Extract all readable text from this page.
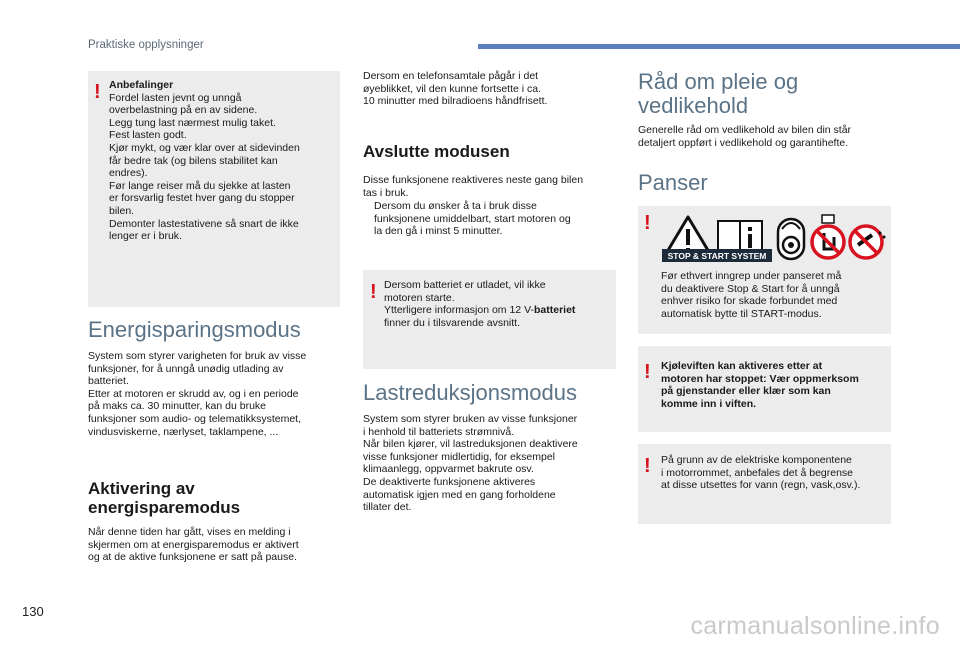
Praktiske opplysninger
! Anbefalinger
Fordel lasten jevnt og unngå
overbelastning på en av sidene.
Legg tung last nærmest mulig taket.
Fest lasten godt.
Kjør mykt, og vær klar over at sidevinden
får bedre tak (og bilens stabilitet kan
endres).
Før lange reiser må du sjekke at lasten
er forsvarlig festet hver gang du stopper
bilen.
Demonter lastestativene så snart de ikke
lenger er i bruk.
Energisparingsmodus
System som styrer varigheten for bruk av visse
funksjoner, for å unngå unødig utlading av
batteriet.
Etter at motoren er skrudd av, og i en periode
på maks ca. 30 minutter, kan du bruke
funksjoner som audio- og telematikksystemet,
vindusviskerne, nærlyset, taklampene, ...
Aktivering av
energisparemodus
Når denne tiden har gått, vises en melding i
skjermen om at energisparemodus er aktivert
og at de aktive funksjonene er satt på pause.
Dersom en telefonsamtale pågår i det
øyeblikket, vil den kunne fortsette i ca.
10 minutter med bilradioens håndfrisett.
Avslutte modusen
Disse funksjonene reaktiveres neste gang bilen
tas i bruk.
Dersom du ønsker å ta i bruk disse
funksjonene umiddelbart, start motoren og
la den gå i minst 5 minutter.
! Dersom batteriet er utladet, vil ikke
motoren starte.
Ytterligere informasjon om 12 V-batteriet
finner du i tilsvarende avsnitt.
Lastreduksjonsmodus
System som styrer bruken av visse funksjoner
i henhold til batteriets strømnivå.
Når bilen kjører, vil lastreduksjonen deaktivere
visse funksjoner midlertidig, for eksempel
klimaanlegg, oppvarmet bakrute osv.
De deaktiverte funksjonene aktiveres
automatisk igjen med en gang forholdene
tillater det.
Råd om pleie og
vedlikehold
Generelle råd om vedlikehold av bilen din står
detaljert oppført i vedlikehold og garantihefte.
Panser
!
STOP & START SYSTEM
Før ethvert inngrep under panseret må
du deaktivere Stop & Start for å unngå
enhver risiko for skade forbundet med
automatisk bytte til START-modus.
! Kjøleviften kan aktiveres etter at
motoren har stoppet: Vær oppmerksom
på gjenstander eller klær som kan
komme inn i viften.
! På grunn av de elektriske komponentene
i motorrommet, anbefales det å begrense
at disse utsettes for vann (regn, vask,osv.).
130
carmanualsonline.info
